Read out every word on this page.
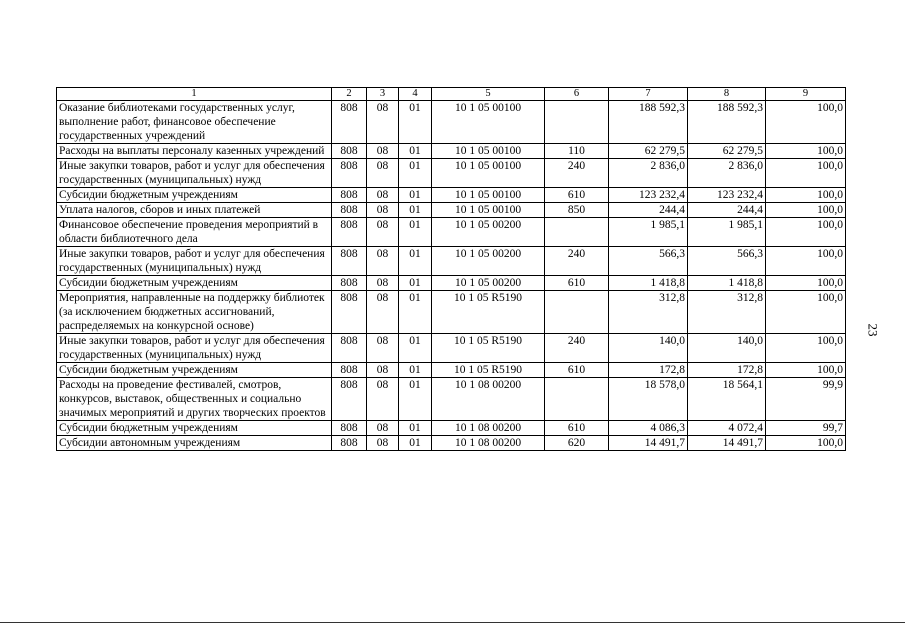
1	2	3	4	5	6	7	8	9
Оказание библиотеками государственных услуг, выполнение работ, финансовое обеспечение государственных учреждений	808	08	01	10 1 05 00100		188 592,3	188 592,3	100,0
Расходы на выплаты персоналу казенных учреждений	808	08	01	10 1 05 00100	110	62 279,5	62 279,5	100,0
Иные закупки товаров, работ и услуг для обеспечения государственных (муниципальных) нужд	808	08	01	10 1 05 00100	240	2 836,0	2 836,0	100,0
Субсидии бюджетным учреждениям	808	08	01	10 1 05 00100	610	123 232,4	123 232,4	100,0
Уплата налогов, сборов и иных платежей	808	08	01	10 1 05 00100	850	244,4	244,4	100,0
Финансовое обеспечение проведения мероприятий в области библиотечного дела	808	08	01	10 1 05 00200		1 985,1	1 985,1	100,0
Иные закупки товаров, работ и услуг для обеспечения государственных (муниципальных) нужд	808	08	01	10 1 05 00200	240	566,3	566,3	100,0
Субсидии бюджетным учреждениям	808	08	01	10 1 05 00200	610	1 418,8	1 418,8	100,0
Мероприятия, направленные на поддержку библиотек (за исключением бюджетных ассигнований, распределяемых на конкурсной основе)	808	08	01	10 1 05 R5190		312,8	312,8	100,0
Иные закупки товаров, работ и услуг для обеспечения государственных (муниципальных) нужд	808	08	01	10 1 05 R5190	240	140,0	140,0	100,0
Субсидии бюджетным учреждениям	808	08	01	10 1 05 R5190	610	172,8	172,8	100,0
Расходы на проведение фестивалей, смотров, конкурсов, выставок, общественных и социально значимых мероприятий и других творческих проектов	808	08	01	10 1 08 00200		18 578,0	18 564,1	99,9
Субсидии бюджетным учреждениям	808	08	01	10 1 08 00200	610	4 086,3	4 072,4	99,7
Субсидии автономным учреждениям	808	08	01	10 1 08 00200	620	14 491,7	14 491,7	100,0
23
